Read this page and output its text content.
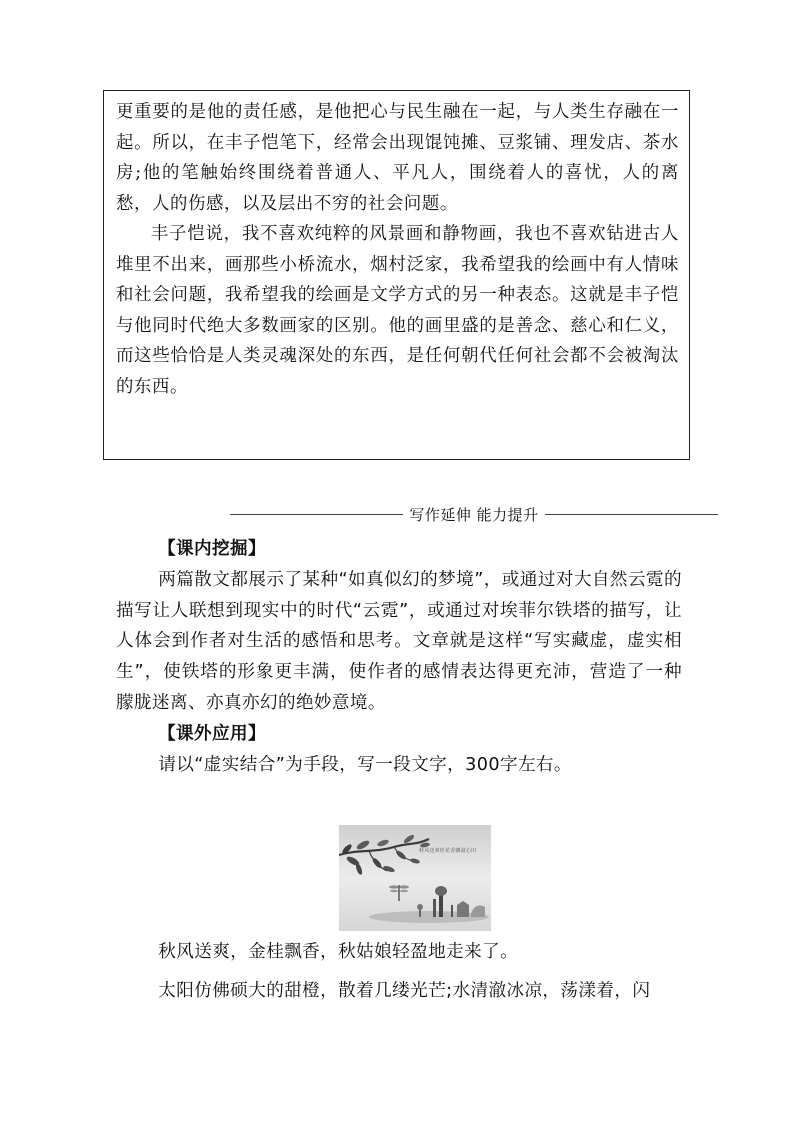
更重要的是他的责任感，是他把心与民生融在一起，与人类生存融在一起。所以，在丰子恺笔下，经常会出现馄饨摊、豆浆铺、理发店、茶水房;他的笔触始终围绕着普通人、平凡人，围绕着人的喜忧，人的离愁，人的伤感，以及层出不穷的社会问题。

丰子恺说，我不喜欢纯粹的风景画和静物画，我也不喜欢钻进古人堆里不出来，画那些小桥流水，烟村泛家，我希望我的绘画中有人情味和社会问题，我希望我的绘画是文学方式的另一种表态。这就是丰子恺与他同时代绝大多数画家的区别。他的画里盛的是善念、慈心和仁义，而这些恰恰是人类灵魂深处的东西，是任何朝代任何社会都不会被淘汰的东西。

写作延伸 能力提升

【课内挖掘】

两篇散文都展示了某种“如真似幻的梦境”，或通过对大自然云霓的描写让人联想到现实中的时代“云霓”，或通过对埃菲尔铁塔的描写，让人体会到作者对生活的感悟和思考。文章就是这样“写实藏虚，虚实相生”，使铁塔的形象更丰满，使作者的感情表达得更充沛，营造了一种朦胧迷离、亦真亦幻的绝妙意境。

【课外应用】

请以“虚实结合”为手段，写一段文字，300字左右。

秋风送爽桂花香飘溢心田

秋风送爽，金桂飘香，秋姑娘轻盈地走来了。

太阳仿佛硕大的甜橙，散着几缕光芒;水清澈冰凉，荡漾着，闪
